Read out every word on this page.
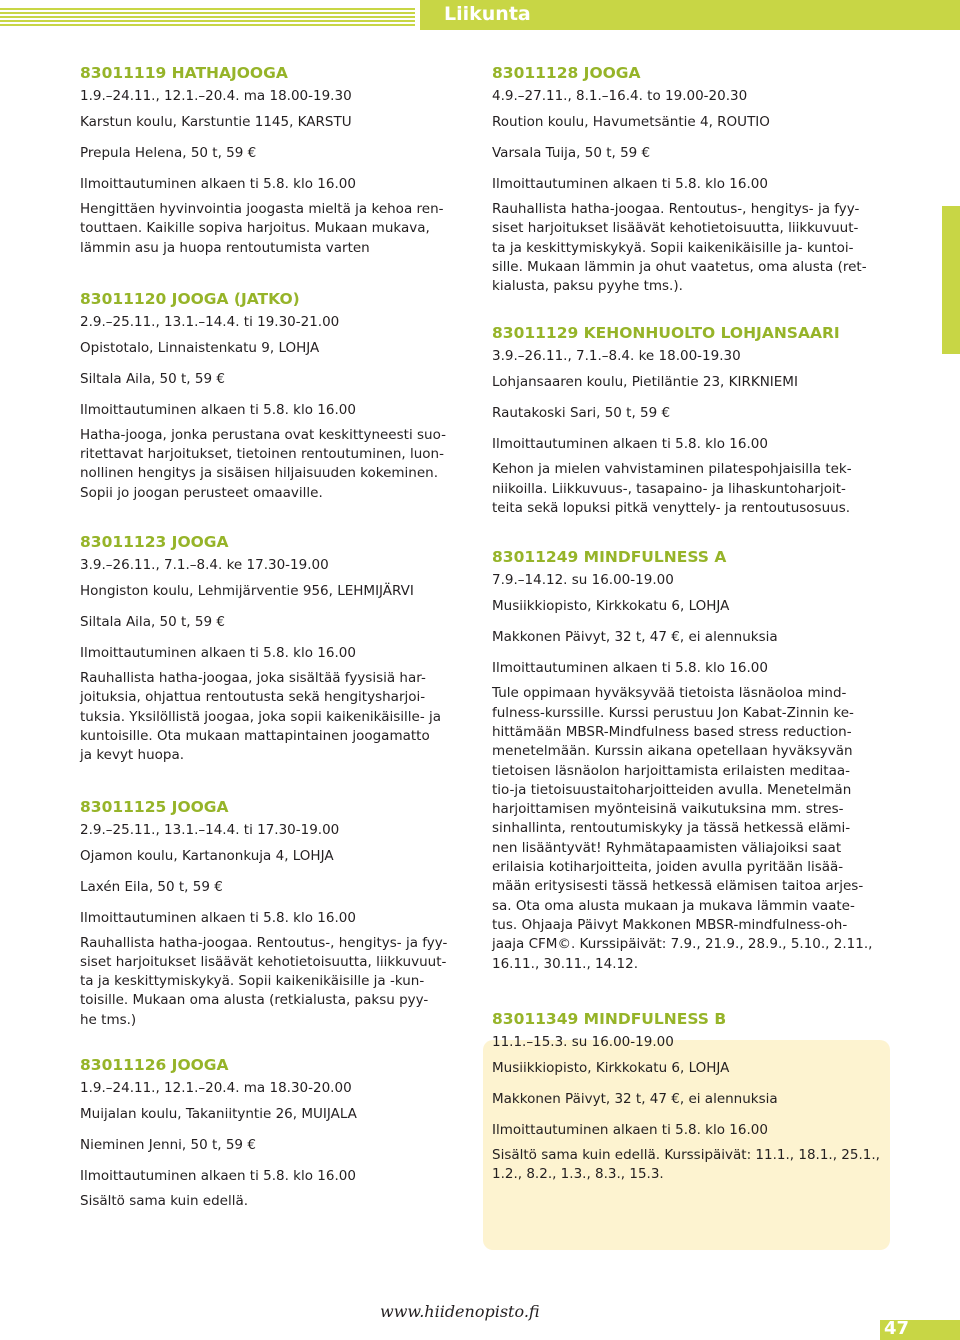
Liikunta
83011119 HATHAJOOGA
1.9.–24.11., 12.1.–20.4. ma 18.00-19.30
Karstun koulu, Karstuntie 1145, KARSTU
Prepula Helena, 50 t, 59 €
Ilmoittautuminen alkaen ti 5.8. klo 16.00
Hengittäen hyvinvointia joogasta mieltä ja kehoa ren-
touttaen. Kaikille sopiva harjoitus. Mukaan mukava,
lämmin asu ja huopa rentoutumista varten
83011120 JOOGA (JATKO)
2.9.–25.11., 13.1.–14.4. ti 19.30-21.00
Opistotalo, Linnaistenkatu 9, LOHJA
Siltala Aila, 50 t, 59 €
Ilmoittautuminen alkaen ti 5.8. klo 16.00
Hatha-jooga, jonka perustana ovat keskittyneesti suo-
ritettavat harjoitukset, tietoinen rentoutuminen, luon-
nollinen hengitys ja sisäisen hiljaisuuden kokeminen.
Sopii jo joogan perusteet omaaville.
83011123 JOOGA
3.9.–26.11., 7.1.–8.4. ke 17.30-19.00
Hongiston koulu, Lehmijärventie 956, LEHMIJÄRVI
Siltala Aila, 50 t, 59 €
Ilmoittautuminen alkaen ti 5.8. klo 16.00
Rauhallista hatha-joogaa, joka sisältää fyysisiä har-
joituksia, ohjattua rentoutusta sekä hengitysharjoi-
tuksia. Yksilöllistä joogaa, joka sopii kaikenikäisille- ja
kuntoisille. Ota mukaan mattapintainen joogamatto
ja kevyt huopa.
83011125 JOOGA
2.9.–25.11., 13.1.–14.4. ti 17.30-19.00
Ojamon koulu, Kartanonkuja 4, LOHJA
Laxén Eila, 50 t, 59 €
Ilmoittautuminen alkaen ti 5.8. klo 16.00
Rauhallista hatha-joogaa. Rentoutus-, hengitys- ja fyy-
siset harjoitukset lisäävät kehotietoisuutta, liikkuvuut-
ta ja keskittymiskykyä. Sopii kaikenikäisille ja -kun-
toisille. Mukaan oma alusta (retkialusta, paksu pyy-
he tms.)
83011126 JOOGA
1.9.–24.11., 12.1.–20.4. ma 18.30-20.00
Muijalan koulu, Takaniityntie 26, MUIJALA
Nieminen Jenni, 50 t, 59 €
Ilmoittautuminen alkaen ti 5.8. klo 16.00
Sisältö sama kuin edellä.
83011128 JOOGA
4.9.–27.11., 8.1.–16.4. to 19.00-20.30
Roution koulu, Havumetsäntie 4, ROUTIO
Varsala Tuija, 50 t, 59 €
Ilmoittautuminen alkaen ti 5.8. klo 16.00
Rauhallista hatha-joogaa. Rentoutus-, hengitys- ja fyy-
siset harjoitukset lisäävät kehotietoisuutta, liikkuvuut-
ta ja keskittymiskykyä. Sopii kaikenikäisille ja- kuntoi-
sille. Mukaan lämmin ja ohut vaatetus, oma alusta (ret-
kialusta, paksu pyyhe tms.).
83011129 KEHONHUOLTO LOHJANSAARI
3.9.–26.11., 7.1.–8.4. ke 18.00-19.30
Lohjansaaren koulu, Pietiläntie 23, KIRKNIEMI
Rautakoski Sari, 50 t, 59 €
Ilmoittautuminen alkaen ti 5.8. klo 16.00
Kehon ja mielen vahvistaminen pilatespohjaisilla tek-
niikoilla. Liikkuvuus-, tasapaino- ja lihaskuntoharjoit-
teita sekä lopuksi pitkä venyttely- ja rentoutusosuus.
83011249 MINDFULNESS A
7.9.–14.12. su 16.00-19.00
Musiikkiopisto, Kirkkokatu 6, LOHJA
Makkonen Päivyt, 32 t, 47 €, ei alennuksia
Ilmoittautuminen alkaen ti 5.8. klo 16.00
Tule oppimaan hyväksyvää tietoista läsnäoloa mind-
fulness-kurssille. Kurssi perustuu Jon Kabat-Zinnin ke-
hittämään MBSR-Mindfulness based stress reduction-
menetelmään. Kurssin aikana opetellaan hyväksyvän
tietoisen läsnäolon harjoittamista erilaisten meditaa-
tio-ja tietoisuustaitoharjoitteiden avulla. Menetelmän
harjoittamisen myönteisinä vaikutuksina mm. stres-
sinhallinta, rentoutumiskyky ja tässä hetkessä elämi-
nen lisääntyvät! Ryhmätapaamisten väliajoiksi saat
erilaisia kotiharjoitteita, joiden avulla pyritään lisää-
mään eritysisesti tässä hetkessä elämisen taitoa arjes-
sa. Ota oma alusta mukaan ja mukava lämmin vaate-
tus. Ohjaaja Päivyt Makkonen MBSR-mindfulness-oh-
jaaja CFM©. Kurssipäivät: 7.9., 21.9., 28.9., 5.10., 2.11.,
16.11., 30.11., 14.12.
83011349 MINDFULNESS B
11.1.–15.3. su 16.00-19.00
Musiikkiopisto, Kirkkokatu 6, LOHJA
Makkonen Päivyt, 32 t, 47 €, ei alennuksia
Ilmoittautuminen alkaen ti 5.8. klo 16.00
Sisältö sama kuin edellä. Kurssipäivät: 11.1., 18.1., 25.1.,
1.2., 8.2., 1.3., 8.3., 15.3.
www.hiidenopisto.fi
47
